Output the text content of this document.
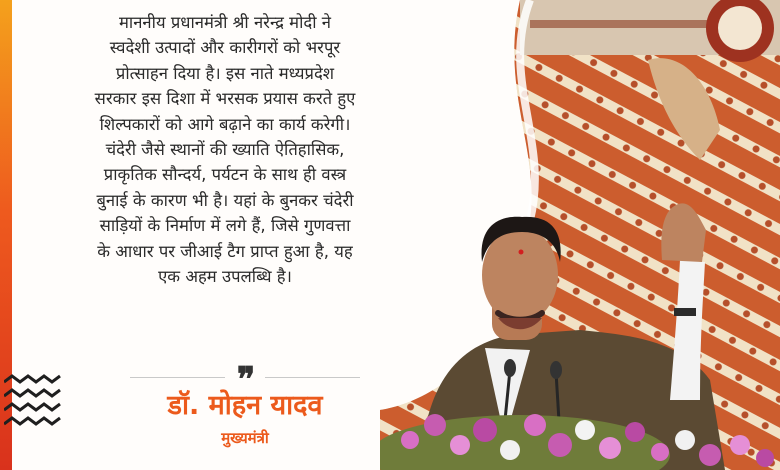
माननीय प्रधानमंत्री श्री नरेन्द्र मोदी ने
स्वदेशी उत्पादों और कारीगरों को भरपूर
प्रोत्साहन दिया है। इस नाते मध्यप्रदेश
सरकार इस दिशा में भरसक प्रयास करते हुए
शिल्पकारों को आगे बढ़ाने का कार्य करेगी।
चंदेरी जैसे स्थानों की ख्याति ऐतिहासिक,
प्राकृतिक सौन्दर्य, पर्यटन के साथ ही वस्त्र
बुनाई के कारण भी है। यहां के बुनकर चंदेरी
साड़ियों के निर्माण में लगे हैं, जिसे गुणवत्ता
के आधार पर जीआई टैग प्राप्त हुआ है, यह
एक अहम उपलब्धि है।

❞
डॉ. मोहन यादव
मुख्यमंत्री
